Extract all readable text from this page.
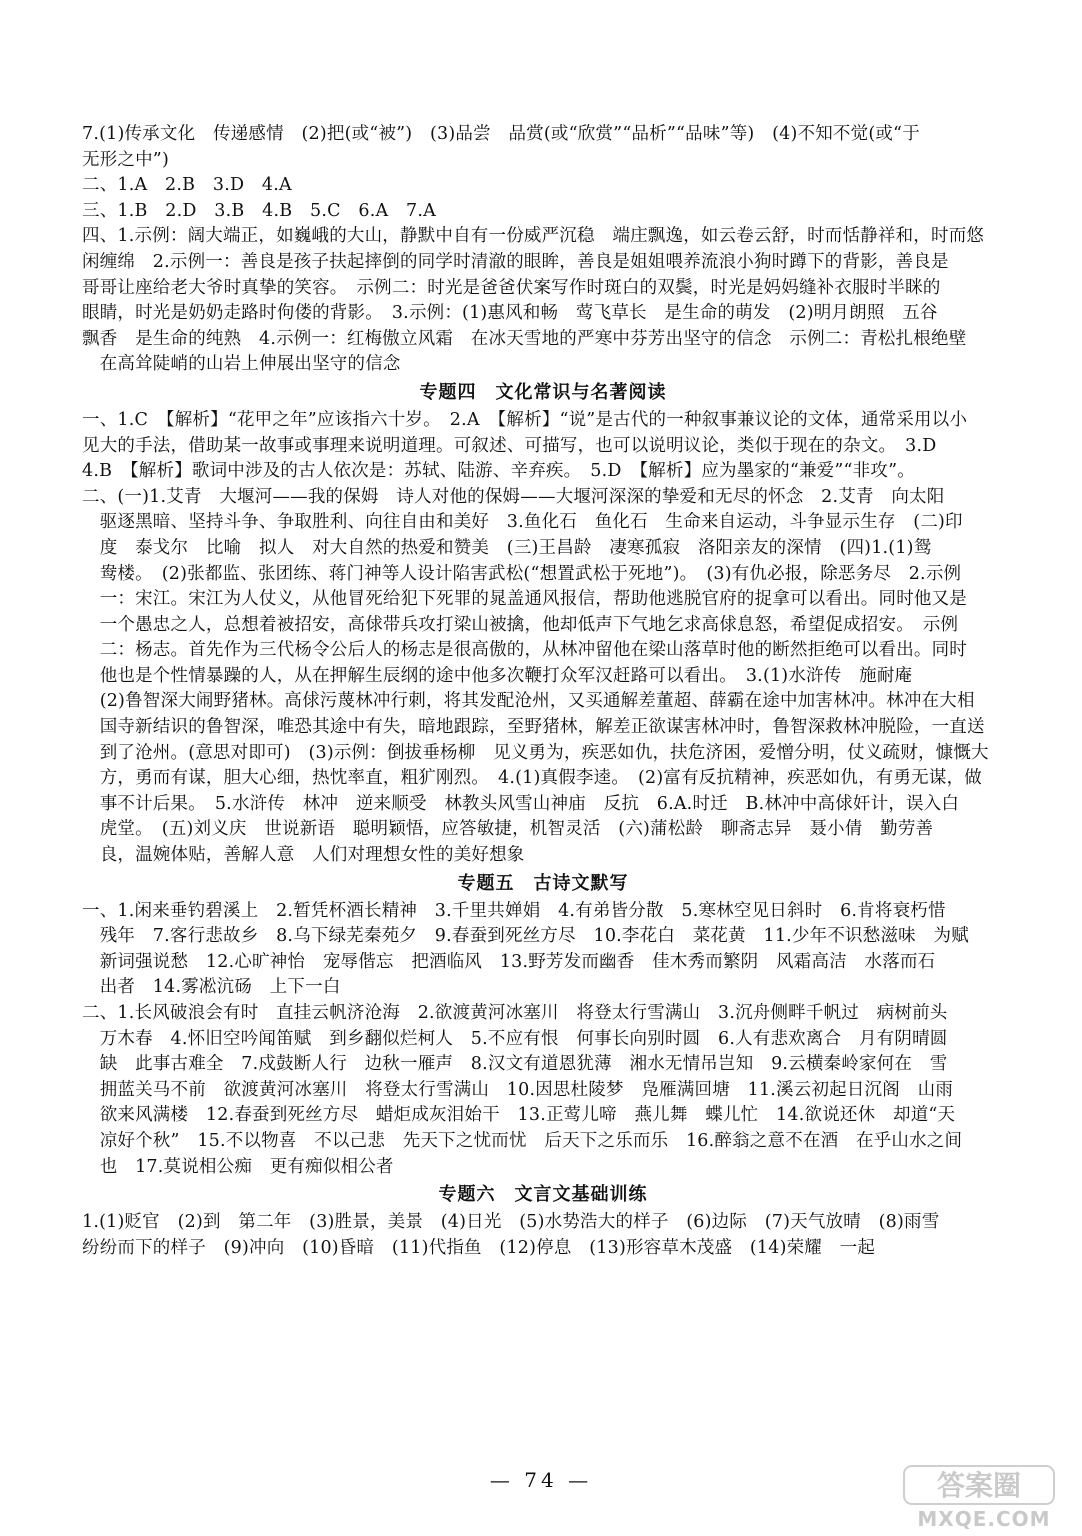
7.(1)传承文化　传递感情　(2)把(或“被”)　(3)品尝　品赏(或“欣赏”“品析”“品味”等)　(4)不知不觉(或“于
无形之中”)
二、1.A　2.B　3.D　4.A
三、1.B　2.D　3.B　4.B　5.C　6.A　7.A
四、1.示例：阔大端正，如巍峨的大山，静默中自有一份威严沉稳　端庄飘逸，如云卷云舒，时而恬静祥和，时而悠
闲缠绵　2.示例一：善良是孩子扶起摔倒的同学时清澈的眼眸，善良是姐姐喂养流浪小狗时蹲下的背影，善良是
哥哥让座给老大爷时真挚的笑容。　示例二：时光是爸爸伏案写作时斑白的双鬓，时光是妈妈缝补衣服时半眯的
眼睛，时光是奶奶走路时佝偻的背影。　3.示例：(1)惠风和畅　莺飞草长　是生命的萌发　(2)明月朗照　五谷
飘香　是生命的纯熟　4.示例一：红梅傲立风霜　在冰天雪地的严寒中芬芳出坚守的信念　示例二：青松扎根绝壁
　在高耸陡峭的山岩上伸展出坚守的信念
专题四　文化常识与名著阅读
一、1.C　【解析】“花甲之年”应该指六十岁。　2.A　【解析】“说”是古代的一种叙事兼议论的文体，通常采用以小
见大的手法，借助某一故事或事理来说明道理。可叙述、可描写，也可以说明议论，类似于现在的杂文。　3.D
4.B　【解析】歌词中涉及的古人依次是：苏轼、陆游、辛弃疾。　5.D　【解析】应为墨家的“兼爱”“非攻”。
二、(一)1.艾青　大堰河——我的保姆　诗人对他的保姆——大堰河深深的挚爱和无尽的怀念　2.艾青　向太阳
　驱逐黑暗、坚持斗争、争取胜利、向往自由和美好　3.鱼化石　鱼化石　生命来自运动，斗争显示生存　(二)印
　度　泰戈尔　比喻　拟人　对大自然的热爱和赞美　(三)王昌龄　凄寒孤寂　洛阳亲友的深情　(四)1.(1)鸳
　鸯楼。　(2)张都监、张团练、蒋门神等人设计陷害武松(“想置武松于死地”)。　(3)有仇必报，除恶务尽　2.示例
　一：宋江。宋江为人仗义，从他冒死给犯下死罪的晁盖通风报信，帮助他逃脱官府的捉拿可以看出。同时他又是
　一个愚忠之人，总想着被招安，高俅带兵攻打梁山被擒，他却低声下气地乞求高俅息怒，希望促成招安。　示例
　二：杨志。首先作为三代杨令公后人的杨志是很高傲的，从林冲留他在梁山落草时他的断然拒绝可以看出。同时
　他也是个性情暴躁的人，从在押解生辰纲的途中他多次鞭打众军汉赶路可以看出。　3.(1)水浒传　施耐庵
　(2)鲁智深大闹野猪林。高俅污蔑林冲行刺，将其发配沧州，又买通解差董超、薛霸在途中加害林冲。林冲在大相
　国寺新结识的鲁智深，唯恐其途中有失，暗地跟踪，至野猪林，解差正欲谋害林冲时，鲁智深救林冲脱险，一直送
　到了沧州。(意思对即可)　(3)示例：倒拔垂杨柳　见义勇为，疾恶如仇，扶危济困，爱憎分明，仗义疏财，慷慨大
　方，勇而有谋，胆大心细，热忱率直，粗犷刚烈。　4.(1)真假李逵。　(2)富有反抗精神，疾恶如仇，有勇无谋，做
　事不计后果。　5.水浒传　林冲　逆来顺受　林教头风雪山神庙　反抗　6.A.时迁　B.林冲中高俅奸计，误入白
　虎堂。　(五)刘义庆　世说新语　聪明颖悟，应答敏捷，机智灵活　(六)蒲松龄　聊斋志异　聂小倩　勤劳善
　良，温婉体贴，善解人意　人们对理想女性的美好想象
专题五　古诗文默写
一、1.闲来垂钓碧溪上　2.暂凭杯酒长精神　3.千里共婵娟　4.有弟皆分散　5.寒林空见日斜时　6.肯将衰朽惜
　残年　7.客行悲故乡　8.乌下绿芜秦苑夕　9.春蚕到死丝方尽　10.李花白　菜花黄　11.少年不识愁滋味　为赋
　新词强说愁　12.心旷神怡　宠辱偕忘　把酒临风　13.野芳发而幽香　佳木秀而繁阴　风霜高洁　水落而石
　出者　14.雾凇沆砀　上下一白
二、1.长风破浪会有时　直挂云帆济沧海　2.欲渡黄河冰塞川　将登太行雪满山　3.沉舟侧畔千帆过　病树前头
　万木春　4.怀旧空吟闻笛赋　到乡翻似烂柯人　5.不应有恨　何事长向别时圆　6.人有悲欢离合　月有阴晴圆
　缺　此事古难全　7.戍鼓断人行　边秋一雁声　8.汉文有道恩犹薄　湘水无情吊岂知　9.云横秦岭家何在　雪
　拥蓝关马不前　欲渡黄河冰塞川　将登太行雪满山　10.因思杜陵梦　凫雁满回塘　11.溪云初起日沉阁　山雨
　欲来风满楼　12.春蚕到死丝方尽　蜡炬成灰泪始干　13.正莺儿啼　燕儿舞　蝶儿忙　14.欲说还休　却道“天
　凉好个秋”　15.不以物喜　不以己悲　先天下之忧而忧　后天下之乐而乐　16.醉翁之意不在酒　在乎山水之间
　也　17.莫说相公痴　更有痴似相公者
专题六　文言文基础训练
1.(1)贬官　(2)到　第二年　(3)胜景，美景　(4)日光　(5)水势浩大的样子　(6)边际　(7)天气放晴　(8)雨雪
纷纷而下的样子　(9)冲向　(10)昏暗　(11)代指鱼　(12)停息　(13)形容草木茂盛　(14)荣耀　一起
— 74 —	答案圈
MXQE.COM
